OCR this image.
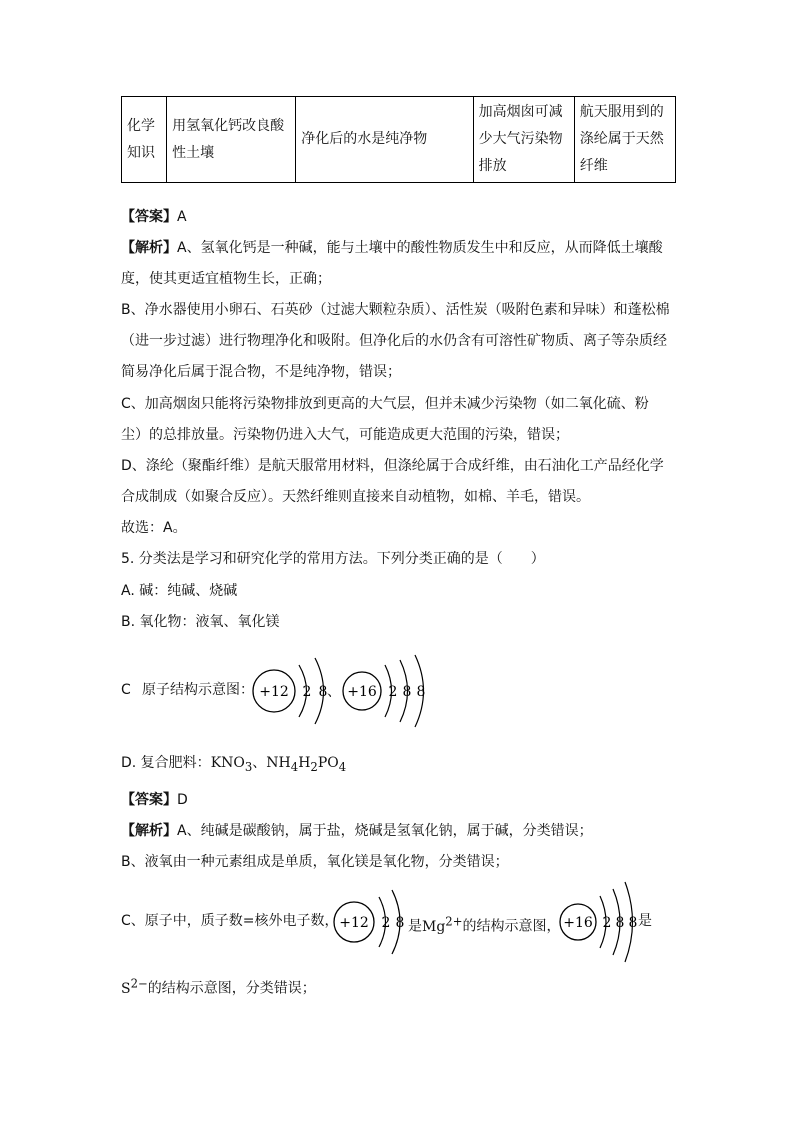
化学知识	用氢氧化钙改良酸性土壤	净化后的水是纯净物	加高烟囱可减少大气污染物排放	航天服用到的涤纶属于天然纤维
【答案】A
【解析】A、氢氧化钙是一种碱，能与土壤中的酸性物质发生中和反应，从而降低土壤酸
度，使其更适宜植物生长，正确；
B、净水器使用小卵石、石英砂（过滤大颗粒杂质）、活性炭（吸附色素和异味）和蓬松棉
（进一步过滤）进行物理净化和吸附。但净化后的水仍含有可溶性矿物质、离子等杂质经
简易净化后属于混合物，不是纯净物，错误；
C、加高烟囱只能将污染物排放到更高的大气层，但并未减少污染物（如二氧化硫、粉
尘）的总排放量。污染物仍进入大气，可能造成更大范围的污染，错误；
D、涤纶（聚酯纤维）是航天服常用材料，但涤纶属于合成纤维，由石油化工产品经化学
合成制成（如聚合反应）。天然纤维则直接来自动植物，如棉、羊毛，错误。
故选：A。
5. 分类法是学习和研究化学的常用方法。下列分类正确的是（　　）
A. 碱：纯碱、烧碱
B. 氧化物：液氧、氧化镁
C 原子结构示意图： +12 2 8 、 +16 2 8 8
D. 复合肥料：$KNO_3$、$NH_4H_2PO_4$
【答案】D
【解析】A、纯碱是碳酸钠，属于盐，烧碱是氢氧化钠，属于碱，分类错误；
B、液氧由一种元素组成是单质，氧化镁是氧化物，分类错误；
C、原子中，质子数=核外电子数， +12 2 8 是$Mg^{2+}$的结构示意图， +16 2 8 8 是
$S^{2-}$的结构示意图，分类错误；
